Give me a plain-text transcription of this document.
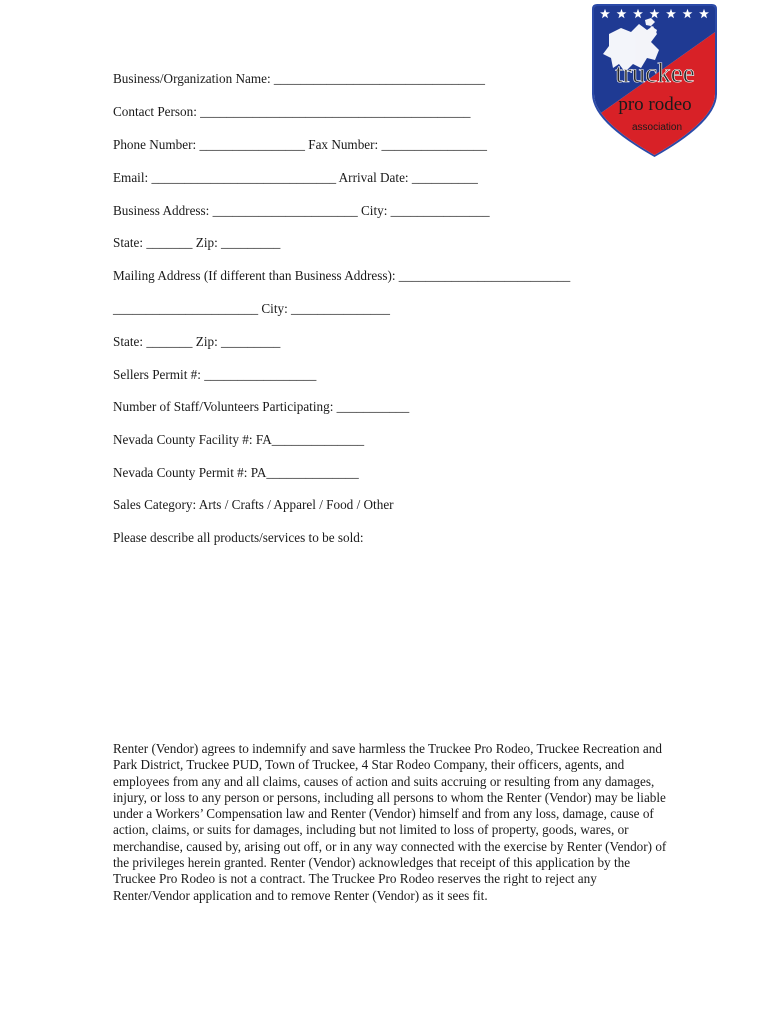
truckee
pro rodeo
association

Business/Organization Name: ________________________________

Contact Person: _________________________________________

Phone Number: ________________ Fax Number: ________________

Email: ____________________________ Arrival Date: __________

Business Address: ______________________ City: _______________

State: _______ Zip: _________

Mailing Address (If different than Business Address): __________________________

______________________ City: _______________

State: _______ Zip: _________

Sellers Permit #: _________________

Number of Staff/Volunteers Participating: ___________

Nevada County Facility #: FA______________

Nevada County Permit #: PA______________

Sales Category: Arts / Crafts / Apparel / Food / Other

Please describe all products/services to be sold:

Renter (Vendor) agrees to indemnify and save harmless the Truckee Pro Rodeo, Truckee Recreation and Park District, Truckee PUD, Town of Truckee, 4 Star Rodeo Company, their officers, agents, and employees from any and all claims, causes of action and suits accruing or resulting from any damages, injury, or loss to any person or persons, including all persons to whom the Renter (Vendor) may be liable under a Workers’ Compensation law and Renter (Vendor) himself and from any loss, damage, cause of action, claims, or suits for damages, including but not limited to loss of property, goods, wares, or merchandise, caused by, arising out off, or in any way connected with the exercise by Renter (Vendor) of the privileges herein granted. Renter (Vendor) acknowledges that receipt of this application by the Truckee Pro Rodeo is not a contract. The Truckee Pro Rodeo reserves the right to reject any Renter/Vendor application and to remove Renter (Vendor) as it sees fit.
